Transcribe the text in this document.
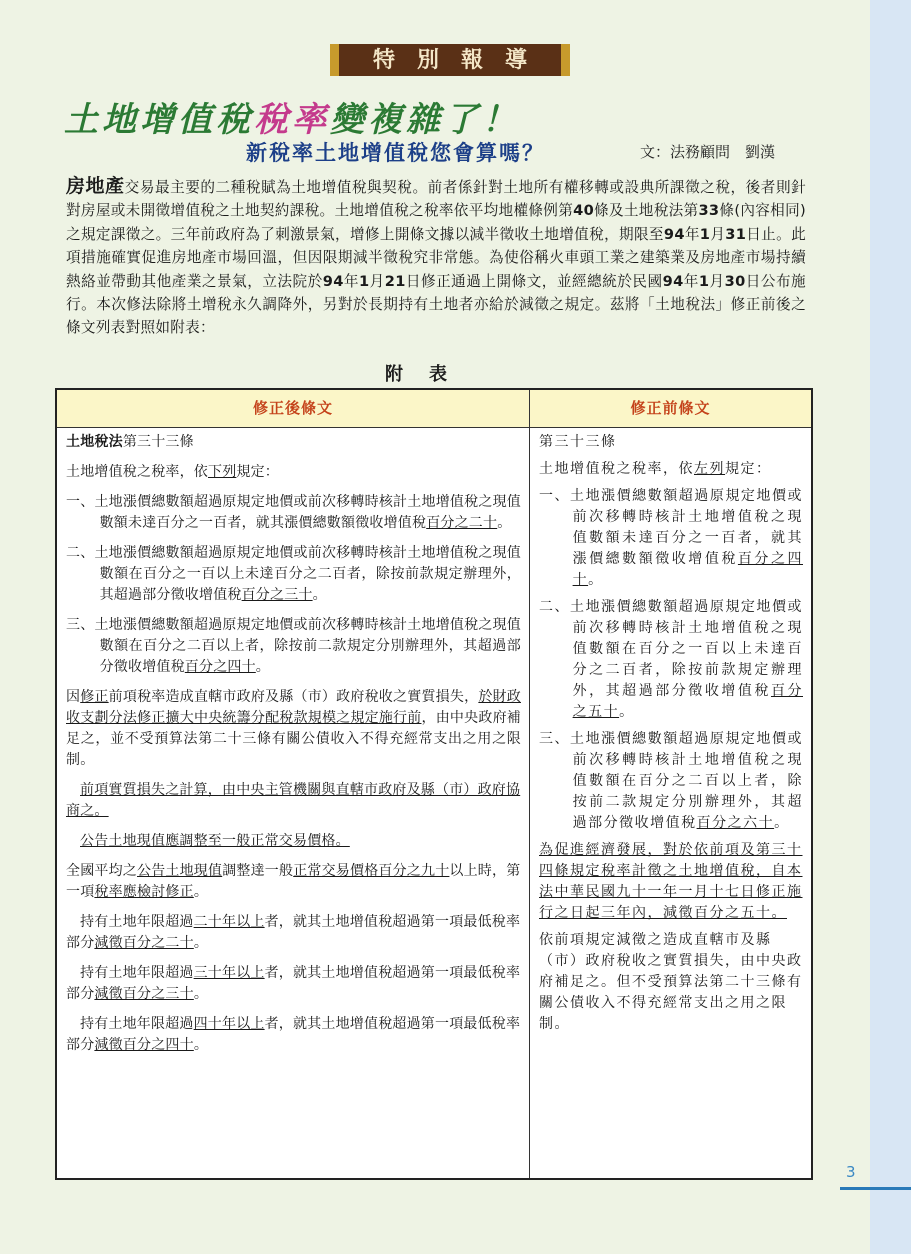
特別報導
土地增值稅稅率變複雜了！
新稅率土地增值稅您會算嗎？	文：法務顧問　劉漢
房地產交易最主要的二種稅賦為土地增值稅與契稅。前者係針對土地所有權移轉或設典所課徵之稅，後者則針對房屋或未開徵增值稅之土地契約課稅。土地增值稅之稅率依平均地權條例第40條及土地稅法第33條(內容相同) 之規定課徵之。三年前政府為了刺激景氣，增修上開條文據以減半徵收土地增值稅，期限至94年1月31日止。此項措施確實促進房地產市場回溫，但因限期減半徵稅究非常態。為使俗稱火車頭工業之建築業及房地產市場持續熱絡並帶動其他產業之景氣，立法院於94年1月21日修正通過上開條文，並經總統於民國94年1月30日公布施行。本次修法除將土增稅永久調降外，另對於長期持有土地者亦給於減徵之規定。茲將「土地稅法」修正前後之條文列表對照如附表：
附表
修正後條文

土地稅法第三十三條

土地增值稅之稅率，依下列規定：

一、土地漲價總數額超過原規定地價或前次移轉時核計土地增值稅之現值數額未達百分之一百者，就其漲價總數額徵收增值稅百分之二十。

二、土地漲價總數額超過原規定地價或前次移轉時核計土地增值稅之現值數額在百分之一百以上未達百分之二百者，除按前款規定辦理外，其超過部分徵收增值稅百分之三十。

三、土地漲價總數額超過原規定地價或前次移轉時核計土地增值稅之現值數額在百分之二百以上者，除按前二款規定分別辦理外，其超過部分徵收增值稅百分之四十。

因修正前項稅率造成直轄市政府及縣（市）政府稅收之實質損失，於財政收支劃分法修正擴大中央統籌分配稅款規模之規定施行前，由中央政府補足之，並不受預算法第二十三條有關公債收入不得充經常支出之用之限制。

前項實質損失之計算，由中央主管機關與直轄市政府及縣（市）政府協商之。

公告土地現值應調整至一般正常交易價格。

全國平均之公告土地現值調整達一般正常交易價格百分之九十以上時，第一項稅率應檢討修正。

持有土地年限超過二十年以上者，就其土地增值稅超過第一項最低稅率部分減徵百分之二十。

持有土地年限超過三十年以上者，就其土地增值稅超過第一項最低稅率部分減徵百分之三十。

持有土地年限超過四十年以上者，就其土地增值稅超過第一項最低稅率部分減徵百分之四十。

修正前條文

第三十三條

土地增值稅之稅率，依左列規定：

一、土地漲價總數額超過原規定地價或前次移轉時核計土地增值稅之現值數額未達百分之一百者，就其漲價總數額徵收增值稅百分之四十。

二、土地漲價總數額超過原規定地價或前次移轉時核計土地增值稅之現值數額在百分之一百以上未達百分之二百者，除按前款規定辦理外，其超過部分徵收增值稅百分之五十。

三、土地漲價總數額超過原規定地價或前次移轉時核計土地增值稅之現值數額在百分之二百以上者，除按前二款規定分別辦理外，其超過部分徵收增值稅百分之六十。

為促進經濟發展，對於依前項及第三十四條規定稅率計徵之土地增值稅，自本法中華民國九十一年一月十七日修正施行之日起三年內，減徵百分之五十。

依前項規定減徵之造成直轄市及縣（市）政府稅收之實質損失，由中央政府補足之。但不受預算法第二十三條有關公債收入不得充經常支出之用之限制。

3
